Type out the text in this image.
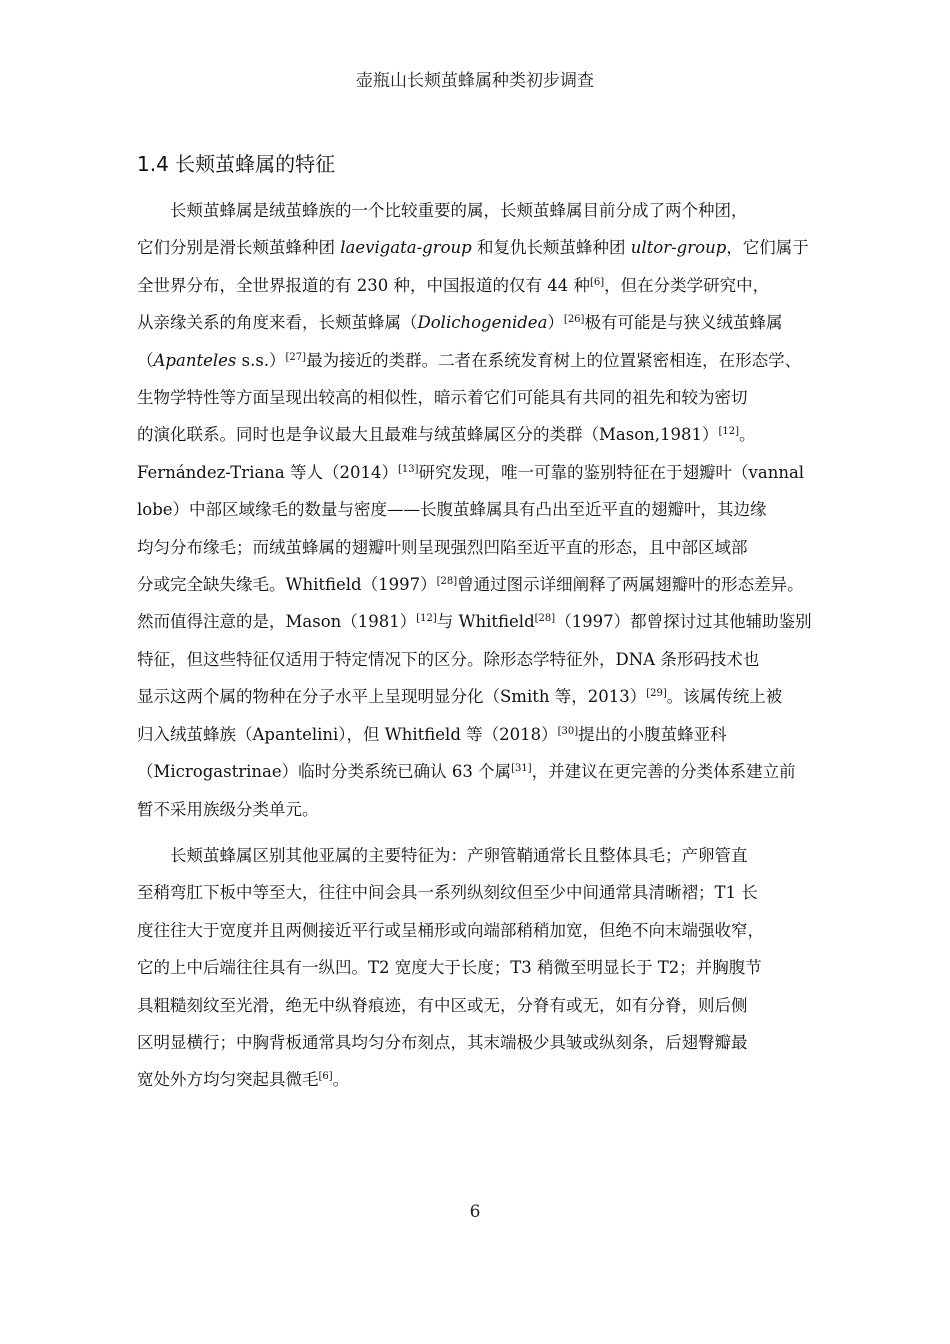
壶瓶山长颊茧蜂属种类初步调查
1.4 长颊茧蜂属的特征
长颊茧蜂属是绒茧蜂族的一个比较重要的属，长颊茧蜂属目前分成了两个种团，
它们分别是滑长颊茧蜂种团 laevigata-group 和复仇长颊茧蜂种团 ultor-group，它们属于
全世界分布，全世界报道的有 230 种，中国报道的仅有 44 种[6]，但在分类学研究中，
从亲缘关系的角度来看，长颊茧蜂属（Dolichogenidea）[26]极有可能是与狭义绒茧蜂属
（Apanteles s.s.）[27]最为接近的类群。二者在系统发育树上的位置紧密相连，在形态学、
生物学特性等方面呈现出较高的相似性，暗示着它们可能具有共同的祖先和较为密切
的演化联系。同时也是争议最大且最难与绒茧蜂属区分的类群（Mason,1981）[12]。
Fernández-Triana 等人（2014）[13]研究发现，唯一可靠的鉴别特征在于翅瓣叶（vannal
lobe）中部区域缘毛的数量与密度——长腹茧蜂属具有凸出至近平直的翅瓣叶，其边缘
均匀分布缘毛；而绒茧蜂属的翅瓣叶则呈现强烈凹陷至近平直的形态，且中部区域部
分或完全缺失缘毛。Whitfield（1997）[28]曾通过图示详细阐释了两属翅瓣叶的形态差异。
然而值得注意的是，Mason（1981）[12]与 Whitfield[28]（1997）都曾探讨过其他辅助鉴别
特征，但这些特征仅适用于特定情况下的区分。除形态学特征外，DNA 条形码技术也
显示这两个属的物种在分子水平上呈现明显分化（Smith 等，2013）[29]。该属传统上被
归入绒茧蜂族（Apantelini），但 Whitfield 等（2018）[30]提出的小腹茧蜂亚科
（Microgastrinae）临时分类系统已确认 63 个属[31]，并建议在更完善的分类体系建立前
暂不采用族级分类单元。
长颊茧蜂属区别其他亚属的主要特征为：产卵管鞘通常长且整体具毛；产卵管直
至稍弯肛下板中等至大，往往中间会具一系列纵刻纹但至少中间通常具清晰褶；T1 长
度往往大于宽度并且两侧接近平行或呈桶形或向端部稍稍加宽，但绝不向末端强收窄，
它的上中后端往往具有一纵凹。T2 宽度大于长度；T3 稍微至明显长于 T2；并胸腹节
具粗糙刻纹至光滑，绝无中纵脊痕迹，有中区或无，分脊有或无，如有分脊，则后侧
区明显横行；中胸背板通常具均匀分布刻点，其末端极少具皱或纵刻条，后翅臀瓣最
宽处外方均匀突起具微毛[6]。
6
